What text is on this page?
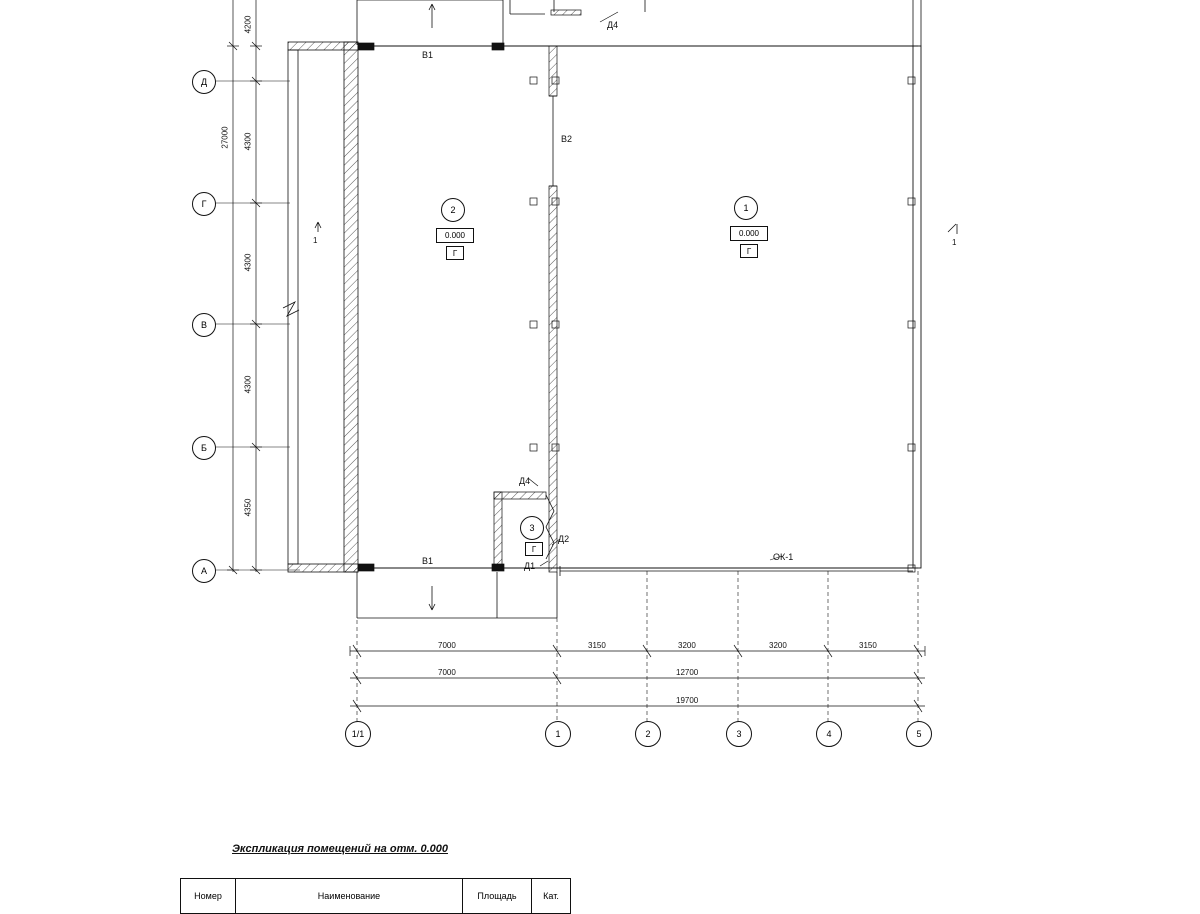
Д
Г
В
Б
А
1/1	1	2	3	4	5
4200
4300
4300
4300
4350
27000
7000	3150	3200	3200	3150
7000	12700
19700
1
0.000
Г
2
0.000
Г
3
Г
В1
В1
В2
Д4
Д4
Д2
Д1
ОК-1
1	1
Экспликация помещений на отм. 0.000
Номер	Наименование	Площадь	Кат.
